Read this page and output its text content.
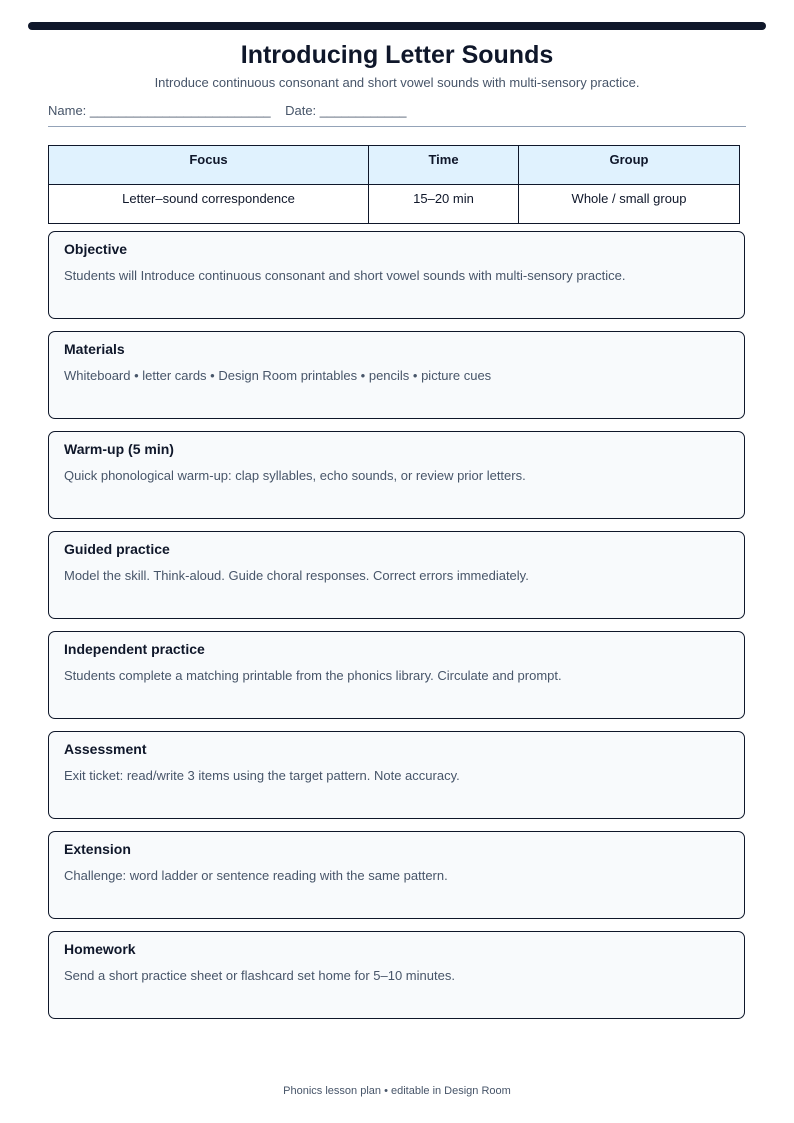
Introducing Letter Sounds
Introduce continuous consonant and short vowel sounds with multi-sensory practice.
Name: _________________________    Date: ____________
Focus	Time	Group
Letter–sound correspondence	15–20 min	Whole / small group
Objective
Students will Introduce continuous consonant and short vowel sounds with multi-sensory practice.
Materials
Whiteboard • letter cards • Design Room printables • pencils • picture cues
Warm-up (5 min)
Quick phonological warm-up: clap syllables, echo sounds, or review prior letters.
Guided practice
Model the skill. Think-aloud. Guide choral responses. Correct errors immediately.
Independent practice
Students complete a matching printable from the phonics library. Circulate and prompt.
Assessment
Exit ticket: read/write 3 items using the target pattern. Note accuracy.
Extension
Challenge: word ladder or sentence reading with the same pattern.
Homework
Send a short practice sheet or flashcard set home for 5–10 minutes.
Phonics lesson plan • editable in Design Room
